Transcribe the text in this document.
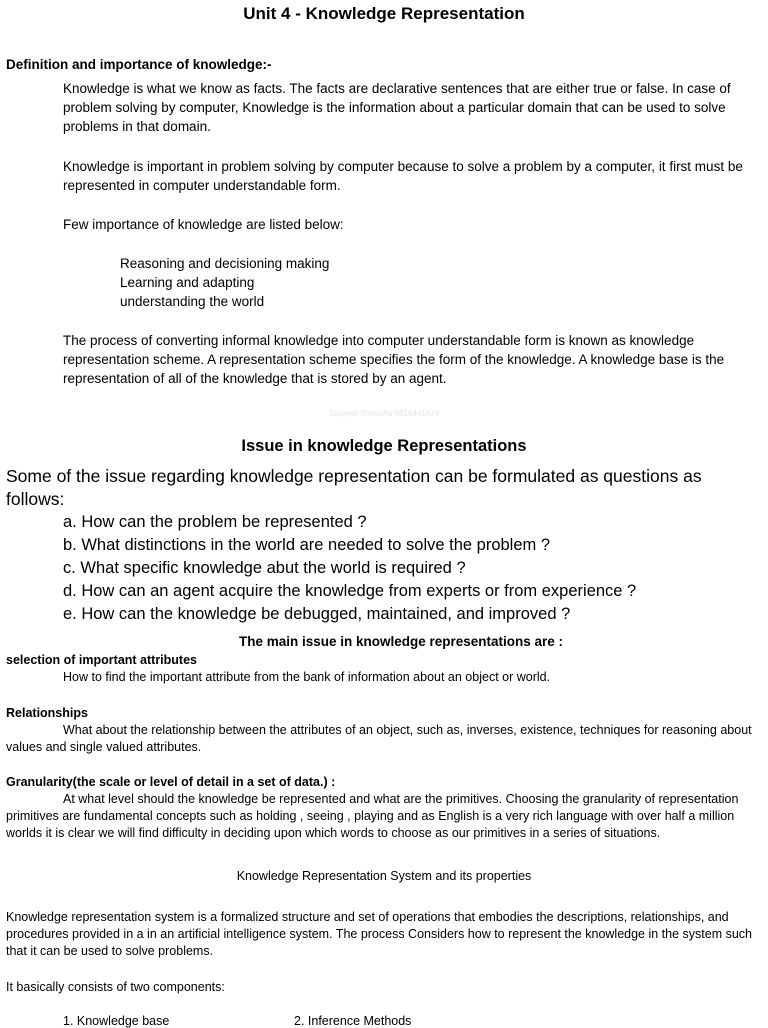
Unit 4 - Knowledge Representation
Definition and importance of knowledge:-
Knowledge is what we know as facts. The facts are declarative sentences that are either true or false. In case of problem solving by computer, Knowledge is the information about a particular domain that can be used to solve problems in that domain.
Knowledge is important in problem solving by computer because to solve a problem by a computer, it first must be represented in computer understandable form.
Few importance of knowledge are listed below:
Reasoning and decisioning making
Learning and adapting
understanding the world
The process of converting informal knowledge into computer understandable form is known as knowledge representation scheme. A representation scheme specifies the form of the knowledge. A knowledge base is the representation of all of the knowledge that is stored by an agent.
Sanjeeb Shrestha 9815441474
Issue in knowledge Representations
Some of the issue regarding knowledge representation can be formulated as questions as follows:
a. How can the problem be represented ?
b. What distinctions in the world are needed to solve the problem ?
c. What specific knowledge abut the world is required ?
d. How can an agent acquire the knowledge from experts or from experience ?
e. How can the knowledge be debugged, maintained, and improved ?
The main issue in knowledge representations are :
selection of important attributes
How to find the important attribute from the bank of information about an object or world.
Relationships
What about the relationship between the attributes of an object, such as, inverses, existence, techniques for reasoning about values and single valued attributes.
Granularity(the scale or level of detail in a set of data.) :
At what level should the knowledge be represented and what are the primitives. Choosing the granularity of representation primitives are fundamental concepts such as holding , seeing , playing and as English is a very rich language with over half a million worlds it is clear we will find difficulty in deciding upon which words to choose as our primitives in a series of situations.
Knowledge Representation System and its properties
Knowledge representation system is a formalized structure and set of operations that embodies the descriptions, relationships, and procedures provided in a in an artificial intelligence system. The process Considers how to represent the knowledge in the system such that it can be used to solve problems.
It basically consists of two components:
1. Knowledge base	2. Inference Methods
